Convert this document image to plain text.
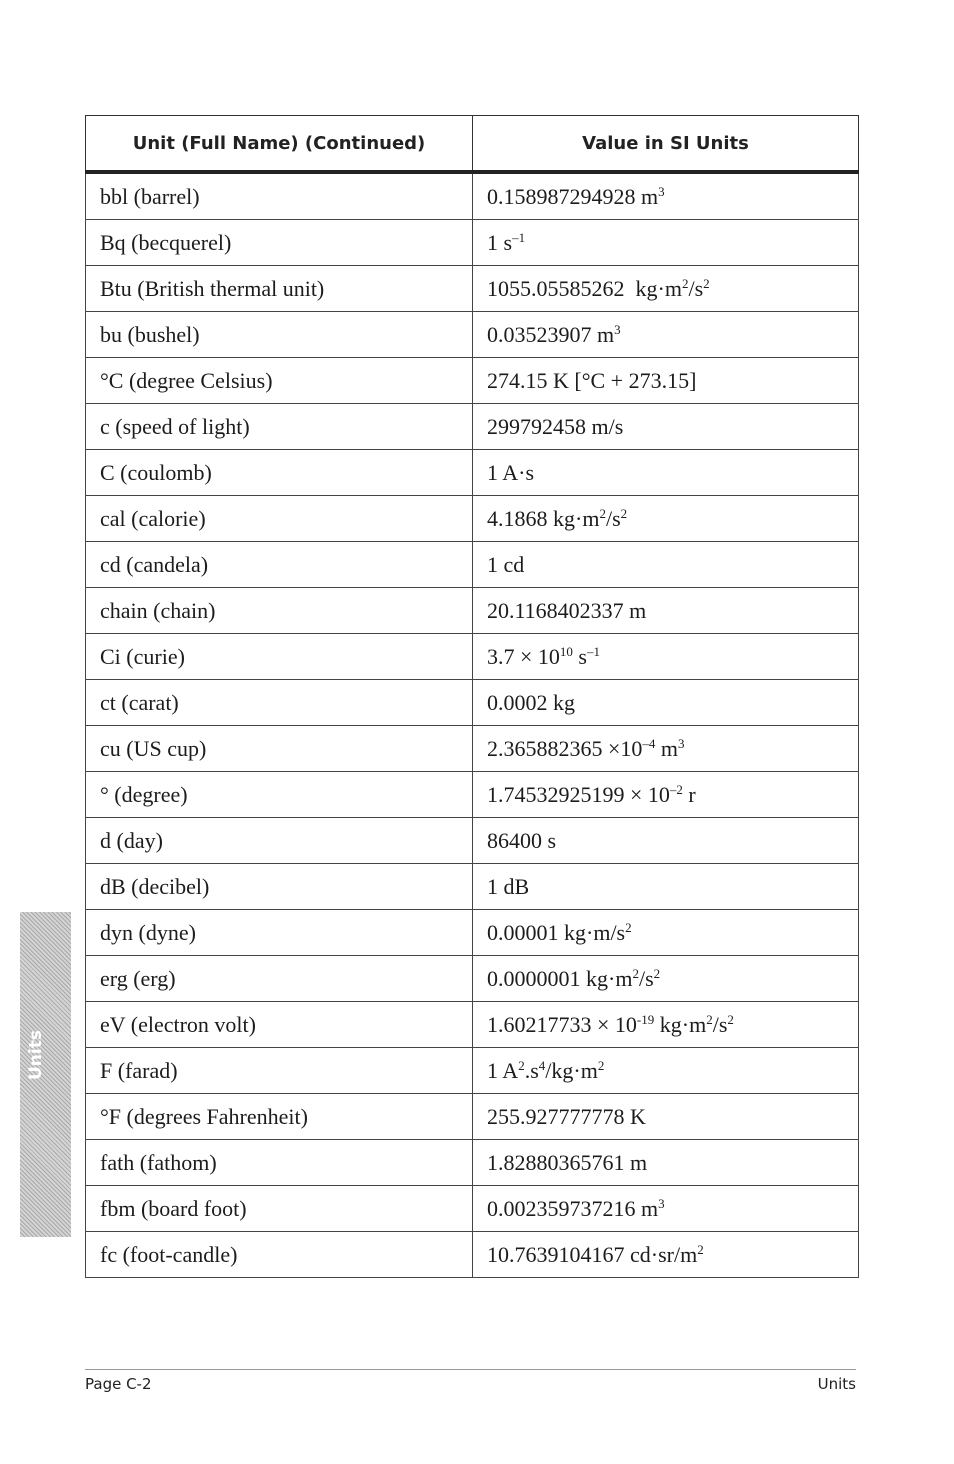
Unit (Full Name) (Continued)	Value in SI Units
bbl (barrel)	0.158987294928 $m^3$
Bq (becquerel)	1 $s^{-1}$
Btu (British thermal unit)	1055.05585262  $kg\cdot m^2/s^2$
bu (bushel)	0.03523907 $m^3$
°C (degree Celsius)	274.15 K [°C + 273.15]
c (speed of light)	299792458 m/s
C (coulomb)	1 A·s
cal (calorie)	4.1868 $kg\cdot m^2/s^2$
cd (candela)	1 cd
chain (chain)	20.1168402337 m
Ci (curie)	$3.7 \times 10^{10}$ $s^{-1}$
ct (carat)	0.0002 kg
cu (US cup)	$2.365882365 \times 10^{-4}$ $m^3$
° (degree)	$1.74532925199 \times 10^{-2}$ r
d (day)	86400 s
dB (decibel)	1 dB
dyn (dyne)	0.00001 $kg\cdot m/s^2$
erg (erg)	0.0000001 $kg\cdot m^2/s^2$
eV (electron volt)	$1.60217733 \times 10^{-19}$ $kg\cdot m^2/s^2$
F (farad)	1 $A^2.s^4/kg\cdot m^2$
°F (degrees Fahrenheit)	255.927777778 K
fath (fathom)	1.82880365761 m
fbm (board foot)	0.002359737216 $m^3$
fc (foot-candle)	10.7639104167 $cd\cdot sr/m^2$
Units
Page C-2	Units
